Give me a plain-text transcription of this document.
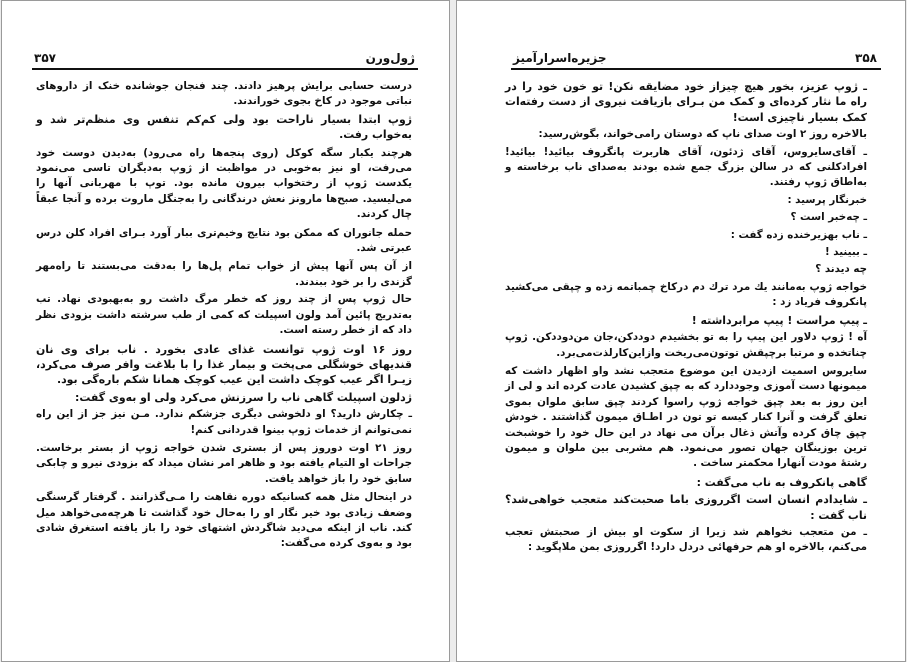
۳۵۷	ژول‌ورن

درست حسابی برایش پرهیز دادند. چند فنجان جوشانده خنک از داروهای نباتی موجود در کاخ بجوی خوراندند.

ژوپ ابتدا بسیار ناراحت بود ولی کم‌کم تنفس وی منظم‌تر شد و به‌خواب رفت.

هرچند یکبار سگه کوکل (روی پنجه‌ها راه می‌رود) به‌دیدن دوست خود می‌رفت، او نیز به‌خوبی در مواظبت از ژوپ به‌دیگران تاسی می‌نمود یکدست ژوپ از رختخواب بیرون مانده بود. توپ با مهربانی آنها را می‌لیسید. صبح‌ها مارونز نعش درندگانی را به‌جنگل ماروت برده و آنجا عبقاً چال کردند.

حمله جانوران که ممکن بود نتایج وخیم‌تری ببار آورد بـرای افراد کلن درس عبرتی شد.

از آن پس آنها پیش از خواب تمام پل‌ها را به‌دقت می‌بستند تا راه‌مهر گزندی را بر خود ببندند.

حال ژوپ پس از چند روز که خطر مرگ داشت رو به‌بهبودی نهاد. تب به‌تدریج پائین آمد ولون اسپیلت که کمی از طب سرشته داشت بزودی نظر داد که از خطر رسته است.

روز ۱۶ اوت ژوپ توانست غذای عادی بخورد . ناب برای وی نان قندیهای خوشگلی می‌پخت و بیمار غذا را با بلاغت وافر صرف می‌کرد، زیـرا اگر عیب کوچک داشت این عیب کوچک همانا شکم باره‌گی بود.

ژدلون اسپیلت گاهی ناب را سرزنش می‌کرد ولی او به‌وی گفت:

ـ چکارش دارید؟ او دلخوشی دیگری جزشکم ندارد. مـن نیز جز از این راه نمی‌توانم از خدمات ژوپ بینوا قدردانی کنم!

روز ۲۱ اوت دوروز پس از بستری شدن خواجه ژوپ از بستر برخاست. جراحات او التیام یافته بود و ظاهر امر نشان میداد که بزودی نیرو و چابکی سابق خود را باز خواهد یافت.

در اینحال مثل همه کسانیکه دوره نقاهت را مـی‌گذرانند . گرفتار گرسنگی وضعف زیادی بود خیر نگار او را به‌حال خود گذاشت تا هرچه‌می‌خواهد میل کند. ناب از اینکه می‌دید شاگردش اشتهای خود را باز یافته استغرق شادی بود و به‌وی کرده می‌گفت:

جزیره‌اسرارآمیز	۳۵۸

ـ ژوپ عزیز، بخور هیچ چیزاز خود مضایقه نکن! تو خون خود را در راه ما نثار کرده‌ای و کمک من بـرای بازیافت نیروی از دست رفته‌ات کمک بسیار ناچیزی است!

بالاخره روز ۲ اوت صدای ناپ که دوستان رامی‌خواند، بگوش‌رسید:

ـ آقای‌سایروس، آقای ژدئون، آقای هاربرت پانگروف بیائید! بیائید! افرادکلنی که در سالن بزرگ جمع شده بودند به‌صدای ناب برخاسته و به‌اطاق ژوپ رفتند.

خبرنگار پرسید :

ـ چه‌خبر است ؟

ـ ناب بهزیرخنده زده گفت :

ـ ببینید !

چه دیدند ؟

خواجه ژوپ به‌مانند یك مرد ترك دم دركاخ چمباتمه زده و چپقی می‌كشید پانكروف فریاد زد :

ـ پیپ مراست ! پیپ مرابرداشته !

آه ! ژوپ دلاور این پیپ را به تو بخشیدم دوددکن،جان من‌دوددکن. ژوپ چناتخده و مرتبا برچپقش توتون‌می‌ریخت وازاین‌کارلذت‌می‌برد.

سایروس اسمیت ازدیدن این موضوع متعجب نشد واو اظهار داشت که میمونها دست آموزی وجوددارد که به چپق کشیدن عادت کرده اند و لی از این روز به بعد چپق خواجه ژوپ راسوا کردند چپق سابق ملوان بموی تعلق گرفت و آنرا کنار کیسه تو تون در اطـاق میمون گذاشتند . خودش چپق چاق کرده وآتش ذغال برآن می نهاد در این حال خود را خوشبخت ترین بوزینگان جهان تصور می‌نمود. هم مشربی بین ملوان و میمون رشتهٔ مودت آنهارا محکمتر ساخت .

گاهی پانکروف به ناب می‌گفت :

ـ شایدادم انسان است اگرروزی باما صحبت‌کند متعجب خواهی‌شد؟ ناب گفت :

ـ من متعجب نخواهم شد زیرا از سکوت او بیش از صحبتش تعجب می‌کنم، بالاخره او هم حرفهائی دردل دارد! اگرروزی بمن ملاپگوید :
